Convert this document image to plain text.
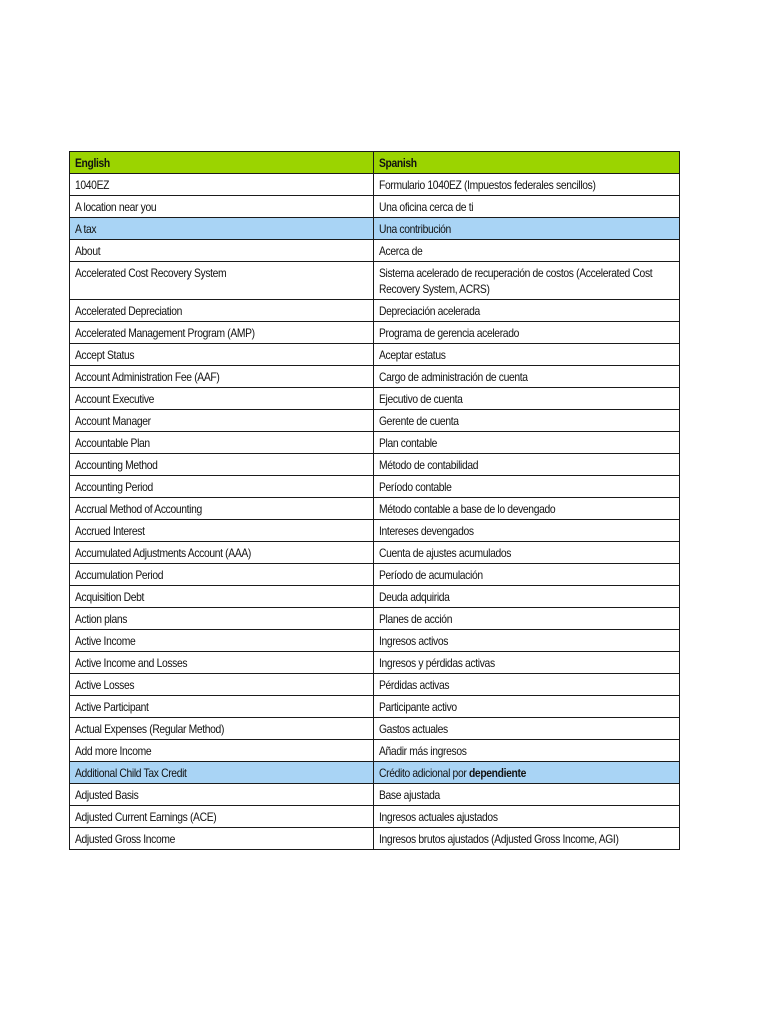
English	Spanish
1040EZ	Formulario 1040EZ (Impuestos federales sencillos)
A location near you	Una oficina cerca de ti
A tax	Una contribución
About	Acerca de
Accelerated Cost Recovery System	Sistema acelerado de recuperación de costos (Accelerated Cost Recovery System, ACRS)
Accelerated Depreciation	Depreciación acelerada
Accelerated Management Program (AMP)	Programa de gerencia acelerado
Accept Status	Aceptar estatus
Account Administration Fee (AAF)	Cargo de administración de cuenta
Account Executive	Ejecutivo de cuenta
Account Manager	Gerente de cuenta
Accountable Plan	Plan contable
Accounting Method	Método de contabilidad
Accounting Period	Período contable
Accrual Method of Accounting	Método contable a base de lo devengado
Accrued Interest	Intereses devengados
Accumulated Adjustments Account (AAA)	Cuenta de ajustes acumulados
Accumulation Period	Período de acumulación
Acquisition Debt	Deuda adquirida
Action plans	Planes de acción
Active Income	Ingresos activos
Active Income and Losses	Ingresos y pérdidas activas
Active Losses	Pérdidas activas
Active Participant	Participante activo
Actual Expenses (Regular Method)	Gastos actuales
Add more Income	Añadir más ingresos
Additional Child Tax Credit	Crédito adicional por dependiente
Adjusted Basis	Base ajustada
Adjusted Current Earnings (ACE)	Ingresos actuales ajustados
Adjusted Gross Income	Ingresos brutos ajustados (Adjusted Gross Income, AGI)
